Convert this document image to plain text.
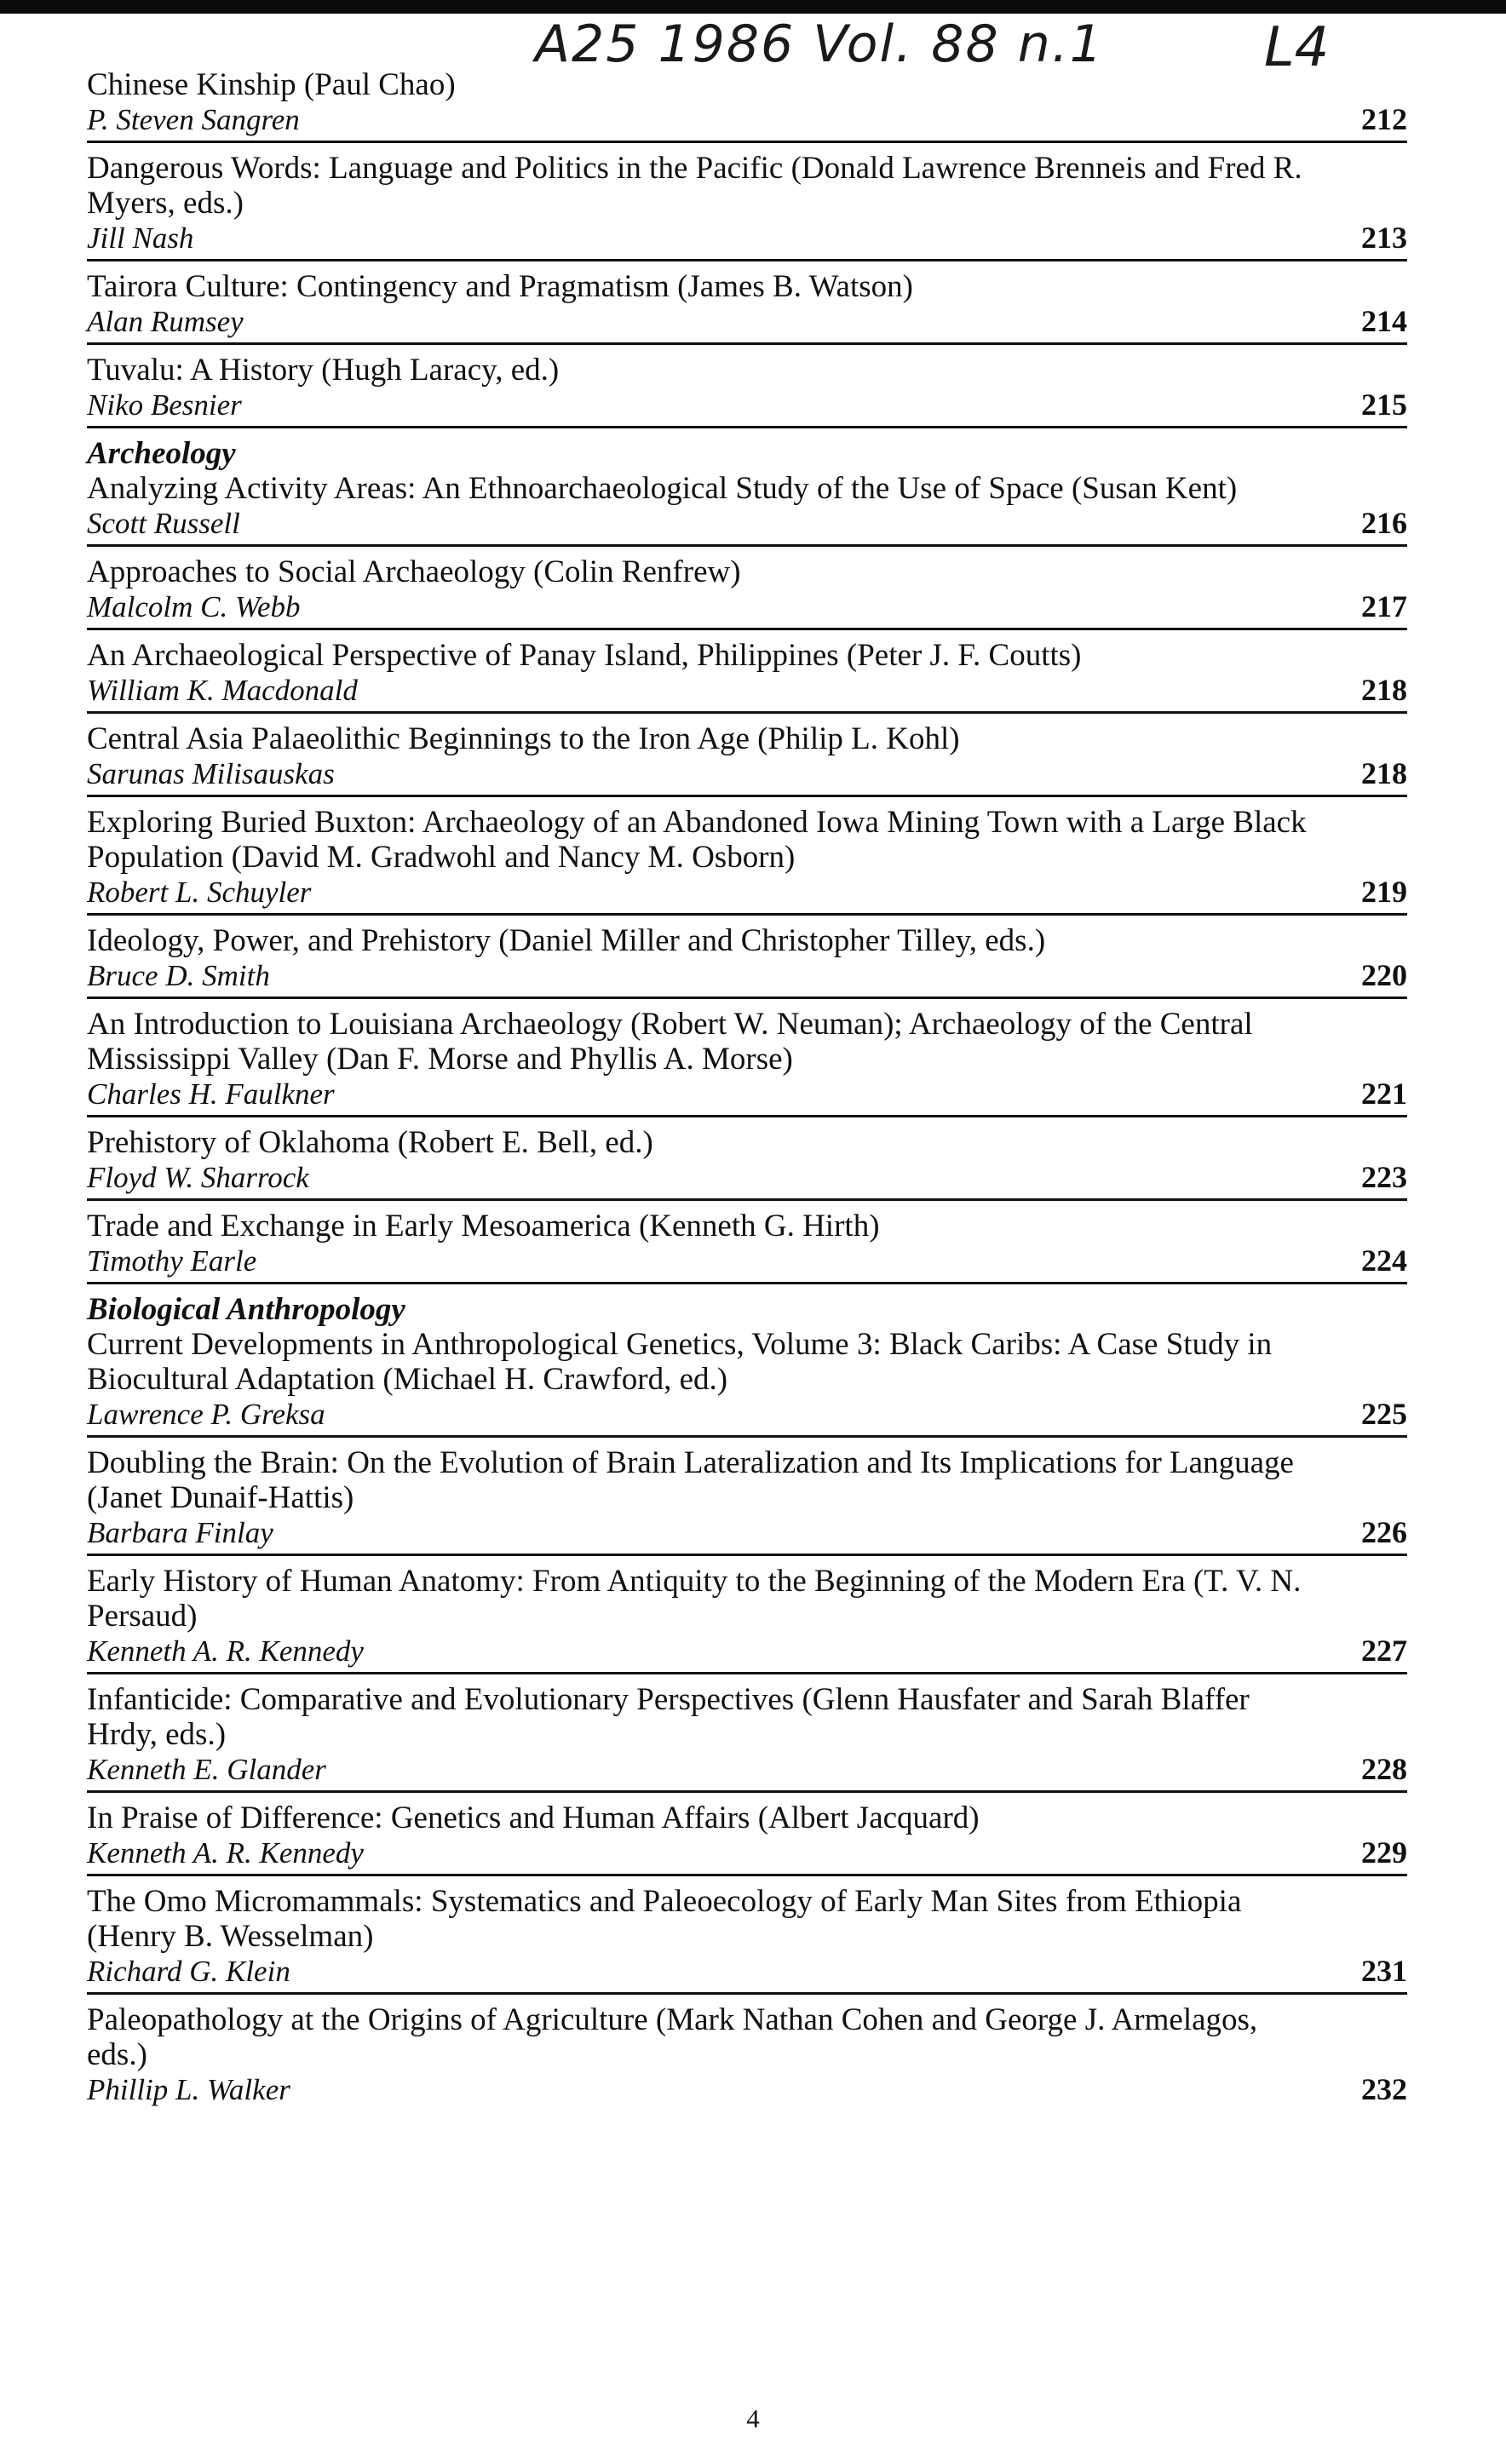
A25 1986 Vol. 88 n.1	L4
Chinese Kinship (Paul Chao)
P. Steven Sangren	212
Dangerous Words: Language and Politics in the Pacific (Donald Lawrence Brenneis and Fred R. Myers, eds.)
Jill Nash	213
Tairora Culture: Contingency and Pragmatism (James B. Watson)
Alan Rumsey	214
Tuvalu: A History (Hugh Laracy, ed.)
Niko Besnier	215
Archeology
Analyzing Activity Areas: An Ethnoarchaeological Study of the Use of Space (Susan Kent)
Scott Russell	216
Approaches to Social Archaeology (Colin Renfrew)
Malcolm C. Webb	217
An Archaeological Perspective of Panay Island, Philippines (Peter J. F. Coutts)
William K. Macdonald	218
Central Asia Palaeolithic Beginnings to the Iron Age (Philip L. Kohl)
Sarunas Milisauskas	218
Exploring Buried Buxton: Archaeology of an Abandoned Iowa Mining Town with a Large Black Population (David M. Gradwohl and Nancy M. Osborn)
Robert L. Schuyler	219
Ideology, Power, and Prehistory (Daniel Miller and Christopher Tilley, eds.)
Bruce D. Smith	220
An Introduction to Louisiana Archaeology (Robert W. Neuman); Archaeology of the Central Mississippi Valley (Dan F. Morse and Phyllis A. Morse)
Charles H. Faulkner	221
Prehistory of Oklahoma (Robert E. Bell, ed.)
Floyd W. Sharrock	223
Trade and Exchange in Early Mesoamerica (Kenneth G. Hirth)
Timothy Earle	224
Biological Anthropology
Current Developments in Anthropological Genetics, Volume 3: Black Caribs: A Case Study in Biocultural Adaptation (Michael H. Crawford, ed.)
Lawrence P. Greksa	225
Doubling the Brain: On the Evolution of Brain Lateralization and Its Implications for Language (Janet Dunaif-Hattis)
Barbara Finlay	226
Early History of Human Anatomy: From Antiquity to the Beginning of the Modern Era (T. V. N. Persaud)
Kenneth A. R. Kennedy	227
Infanticide: Comparative and Evolutionary Perspectives (Glenn Hausfater and Sarah Blaffer Hrdy, eds.)
Kenneth E. Glander	228
In Praise of Difference: Genetics and Human Affairs (Albert Jacquard)
Kenneth A. R. Kennedy	229
The Omo Micromammals: Systematics and Paleoecology of Early Man Sites from Ethiopia (Henry B. Wesselman)
Richard G. Klein	231
Paleopathology at the Origins of Agriculture (Mark Nathan Cohen and George J. Armelagos, eds.)
Phillip L. Walker	232
4
